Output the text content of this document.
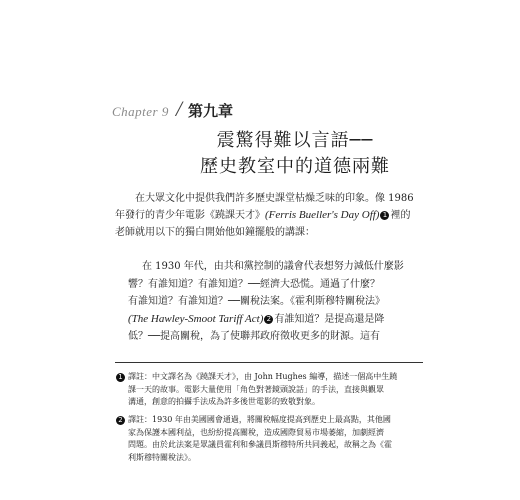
Chapter 9 / 第九章
震驚得難以言語──
歷史教室中的道德兩難
在大眾文化中提供我們許多歷史課堂枯燥乏味的印象。像 1986
年發行的青少年電影《蹺課天才》(Ferris Bueller's Day Off) 1 裡的
老師就用以下的獨白開始他如鐘擺般的講課：
在 1930 年代，由共和黨控制的議會代表想努力減低什麼影
響？有誰知道？有誰知道？──經濟大恐慌。通過了什麼？
有誰知道？有誰知道？──關稅法案。《霍利斯穆特關稅法》
(The Hawley-Smoot Tariff Act) 2 有誰知道？是提高還是降
低？──提高關稅，為了使聯邦政府徵收更多的財源。這有
1 譯註：中文譯名為《蹺課天才》，由 John Hughes 編導，描述一個高中生蹺
課一天的故事。電影大量使用「角色對著鏡頭說話」的手法，直接與觀眾
溝通，創意的拍攝手法成為許多後世電影的致敬對象。
2 譯註：1930 年由美國國會通過，將關稅幅度提高到歷史上最高點，其他國
家為保護本國利益，也紛紛提高關稅，造成國際貿易市場萎縮，加劇經濟
問題。由於此法案是眾議員霍利和參議員斯穆特所共同義起，故稱之為《霍
利斯穆特關稅法》。
